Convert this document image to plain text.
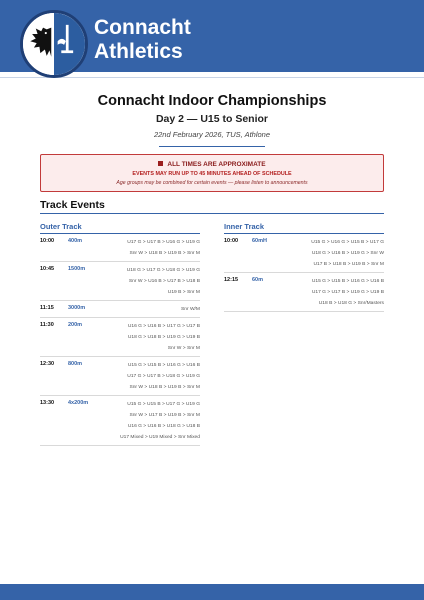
Connacht
Athletics
Connacht Indoor Championships
Day 2 — U15 to Senior
22nd February 2026, TUS, Athlone
ALL TIMES ARE APPROXIMATE
EVENTS MAY RUN UP TO 45 MINUTES AHEAD OF SCHEDULE
Age groups may be combined for certain events — please listen to announcements
Track Events
Outer Track
10:00	400m	U17 G > U17 B > U16 G > U19 G
Snr W > U18 B > U19 B > Snr M
10:45	1500m	U18 G > U17 G > U18 G > U19 G
Snr W > U16 B > U17 B > U18 B
U19 B > Snr M
11:15	3000m	Snr W/M
11:30	200m	U16 G > U16 B > U17 G > U17 B
U18 G > U18 B > U19 G > U19 B
Snr W > Snr M
12:30	800m	U15 G > U15 B > U16 G > U16 B
U17 G > U17 B > U18 G > U19 G
Snr W > U18 B > U19 B > Snr M
13:30	4x200m	U15 G > U15 B > U17 G > U19 G
Snr W > U17 B > U19 B > Snr M
U16 G > U16 B > U18 G > U18 B
U17 Mixed > U19 Mixed > Snr Mixed
Inner Track
10:00	60mH	U15 G > U16 G > U15 B > U17 G
U18 G > U16 B > U19 G > Snr W
U17 B > U18 B > U19 B > Snr M
12:15	60m	U15 G > U15 B > U16 G > U16 B
U17 G > U17 B > U19 G > U19 B
U18 B > U18 G > Snr/Masters
